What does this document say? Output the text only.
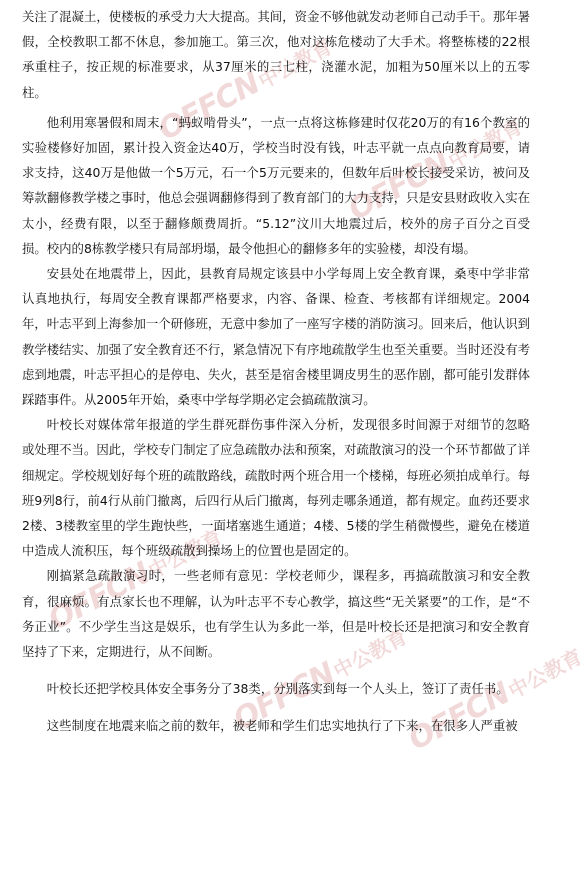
OFFCN中公教育
OFFCN中公教育
OFFCN中公教育
OFFCN中公教育
OFFCN中公教育

关注了混凝土，使楼板的承受力大大提高。其间，资金不够他就发动老师自己动手干。那年暑假，全校教职工都不休息，参加施工。第三次，他对这栋危楼动了大手术。将整栋楼的22根承重柱子，按正规的标准要求，从37厘米的三七柱，浇灌水泥，加粗为50厘米以上的五零柱。

他利用寒暑假和周末，“蚂蚁啃骨头”，一点一点将这栋修建时仅花20万的有16个教室的实验楼修好加固，累计投入资金达40万，学校当时没有钱，叶志平就一点点向教育局要，请求支持，这40万是他做一个5万元，石一个5万元要来的，但数年后叶校长接受采访，被问及筹款翻修教学楼之事时，他总会强调翻修得到了教育部门的大力支持，只是安县财政收入实在太小，经费有限，以至于翻修颇费周折。“5.12”汶川大地震过后，校外的房子百分之百受损。校内的8栋教学楼只有局部坍塌，最令他担心的翻修多年的实验楼，却没有塌。

安县处在地震带上，因此，县教育局规定该县中小学每周上安全教育课，桑枣中学非常认真地执行，每周安全教育课都严格要求，内容、备课、检查、考核都有详细规定。2004年，叶志平到上海参加一个研修班，无意中参加了一座写字楼的消防演习。回来后，他认识到教学楼结实、加强了安全教育还不行，紧急情况下有序地疏散学生也至关重要。当时还没有考虑到地震，叶志平担心的是停电、失火，甚至是宿舍楼里调皮男生的恶作剧，都可能引发群体踩踏事件。从2005年开始，桑枣中学每学期必定会搞疏散演习。

叶校长对媒体常年报道的学生群死群伤事件深入分析，发现很多时间源于对细节的忽略或处理不当。因此，学校专门制定了应急疏散办法和预案，对疏散演习的没一个环节都做了详细规定。学校规划好每个班的疏散路线，疏散时两个班合用一个楼梯，每班必须拍成单行。每班9列8行，前4行从前门撤离，后四行从后门撤离，每列走哪条通道，都有规定。血药还要求2楼、3楼教室里的学生跑快些，一面堵塞逃生通道；4楼、5楼的学生稍微慢些，避免在楼道中造成人流积压，每个班级疏散到操场上的位置也是固定的。

刚搞紧急疏散演习时，一些老师有意见：学校老师少，课程多，再搞疏散演习和安全教育，很麻烦。有点家长也不理解，认为叶志平不专心教学，搞这些“无关紧要”的工作，是“不务正业”。不少学生当这是娱乐，也有学生认为多此一举，但是叶校长还是把演习和安全教育坚持了下来，定期进行，从不间断。

叶校长还把学校具体安全事务分了38类，分别落实到每一个人头上，签订了责任书。

这些制度在地震来临之前的数年，被老师和学生们忠实地执行了下来，在很多人严重被
